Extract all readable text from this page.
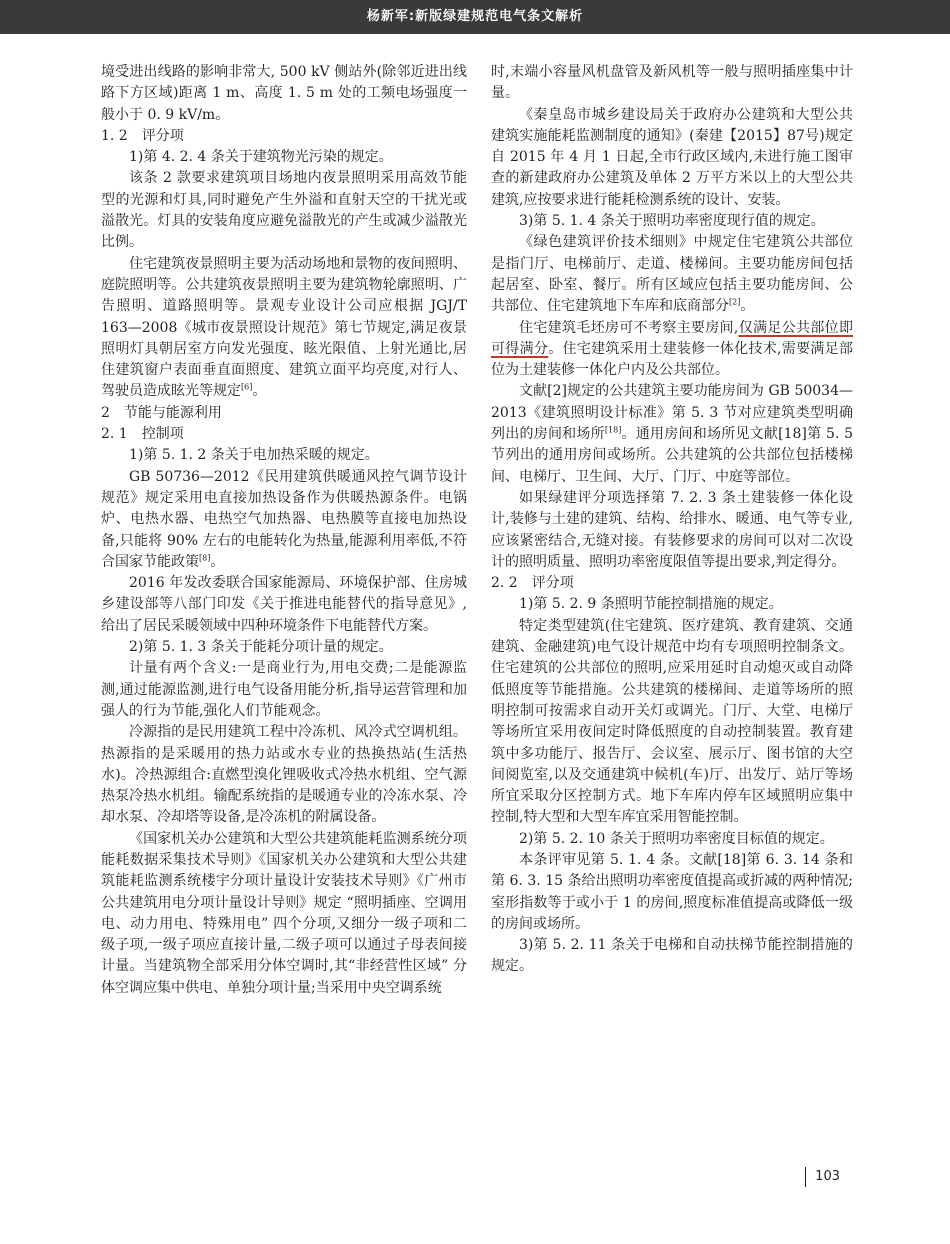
杨新军:新版绿建规范电气条文解析

境受进出线路的影响非常大, 500 kV 侧站外(除邻近进出线路下方区域)距离 1 m、高度 1. 5 m 处的工频电场强度一般小于 0. 9 kV/m。

1. 2　评分项

1)第 4. 2. 4 条关于建筑物光污染的规定。

该条 2 款要求建筑项目场地内夜景照明采用高效节能型的光源和灯具,同时避免产生外溢和直射天空的干扰光或溢散光。灯具的安装角度应避免溢散光的产生或减少溢散光比例。

住宅建筑夜景照明主要为活动场地和景物的夜间照明、庭院照明等。公共建筑夜景照明主要为建筑物轮廓照明、广告照明、道路照明等。景观专业设计公司应根据 JGJ/T 163—2008《城市夜景照设计规范》第七节规定,满足夜景照明灯具朝居室方向发光强度、眩光限值、上射光通比,居住建筑窗户表面垂直面照度、建筑立面平均亮度,对行人、驾驶员造成眩光等规定[6]。

2　节能与能源利用

2. 1　控制项

1)第 5. 1. 2 条关于电加热采暖的规定。

GB 50736—2012《民用建筑供暖通风控气调节设计规范》规定采用电直接加热设备作为供暖热源条件。电锅炉、电热水器、电热空气加热器、电热膜等直接电加热设备,只能将 90% 左右的电能转化为热量,能源利用率低,不符合国家节能政策[8]。

2016 年发改委联合国家能源局、环境保护部、住房城乡建设部等八部门印发《关于推进电能替代的指导意见》,给出了居民采暖领域中四种环境条件下电能替代方案。

2)第 5. 1. 3 条关于能耗分项计量的规定。

计量有两个含义:一是商业行为,用电交费;二是能源监测,通过能源监测,进行电气设备用能分析,指导运营管理和加强人的行为节能,强化人们节能观念。

冷源指的是民用建筑工程中冷冻机、风冷式空调机组。热源指的是采暖用的热力站或水专业的热换热站(生活热水)。冷热源组合:直燃型溴化锂吸收式冷热水机组、空气源热泵冷热水机组。输配系统指的是暖通专业的冷冻水泵、冷却水泵、冷却塔等设备,是冷冻机的附属设备。

《国家机关办公建筑和大型公共建筑能耗监测系统分项能耗数据采集技术导则》《国家机关办公建筑和大型公共建筑能耗监测系统楼宇分项计量设计安装技术导则》《广州市公共建筑用电分项计量设计导则》规定 “照明插座、空调用电、动力用电、特殊用电” 四个分项,又细分一级子项和二级子项,一级子项应直接计量,二级子项可以通过子母表间接计量。当建筑物全部采用分体空调时,其“非经营性区域” 分体空调应集中供电、单独分项计量;当采用中央空调系统

时,末端小容量风机盘管及新风机等一般与照明插座集中计量。

《秦皇岛市城乡建设局关于政府办公建筑和大型公共建筑实施能耗监测制度的通知》(秦建【2015】87号)规定自 2015 年 4 月 1 日起,全市行政区域内,未进行施工图审查的新建政府办公建筑及单体 2 万平方米以上的大型公共建筑,应按要求进行能耗检测系统的设计、安装。

3)第 5. 1. 4 条关于照明功率密度现行值的规定。

《绿色建筑评价技术细则》中规定住宅建筑公共部位是指门厅、电梯前厅、走道、楼梯间。主要功能房间包括起居室、卧室、餐厅。所有区域应包括主要功能房间、公共部位、住宅建筑地下车库和底商部分[2]。

住宅建筑毛坯房可不考察主要房间,仅满足公共部位即可得满分。住宅建筑采用土建装修一体化技术,需要满足部位为土建装修一体化户内及公共部位。

文献[2]规定的公共建筑主要功能房间为 GB 50034—2013《建筑照明设计标准》第 5. 3 节对应建筑类型明确列出的房间和场所[18]。通用房间和场所见文献[18]第 5. 5 节列出的通用房间或场所。公共建筑的公共部位包括楼梯间、电梯厅、卫生间、大厅、门厅、中庭等部位。

如果绿建评分项选择第 7. 2. 3 条土建装修一体化设计,装修与土建的建筑、结构、给排水、暖通、电气等专业,应该紧密结合,无缝对接。有装修要求的房间可以对二次设计的照明质量、照明功率密度限值等提出要求,判定得分。

2. 2　评分项

1)第 5. 2. 9 条照明节能控制措施的规定。

特定类型建筑(住宅建筑、医疗建筑、教育建筑、交通建筑、金融建筑)电气设计规范中均有专项照明控制条文。住宅建筑的公共部位的照明,应采用延时自动熄灭或自动降低照度等节能措施。公共建筑的楼梯间、走道等场所的照明控制可按需求自动开关灯或调光。门厅、大堂、电梯厅等场所宜采用夜间定时降低照度的自动控制装置。教育建筑中多功能厅、报告厅、会议室、展示厅、图书馆的大空间阅览室,以及交通建筑中候机(车)厅、出发厅、站厅等场所宜采取分区控制方式。地下车库内停车区域照明应集中控制,特大型和大型车库宜采用智能控制。

2)第 5. 2. 10 条关于照明功率密度目标值的规定。

本条评审见第 5. 1. 4 条。文献[18]第 6. 3. 14 条和第 6. 3. 15 条给出照明功率密度值提高或折减的两种情况;室形指数等于或小于 1 的房间,照度标准值提高或降低一级的房间或场所。

3)第 5. 2. 11 条关于电梯和自动扶梯节能控制措施的规定。

103
